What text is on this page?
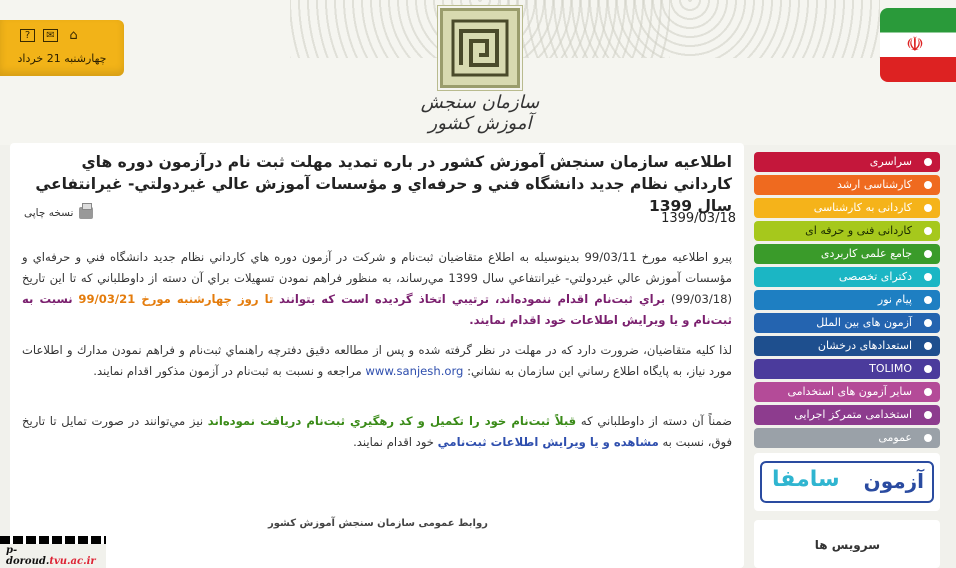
سازمان سنجش آموزش کشور
?	✉ ⌂
چهارشنبه 21 خرداد
☫
اطلاعيه سازمان سنجش آموزش کشور در باره تمديد مهلت ثبت نام درآزمون دوره هاي کارداني نظام جديد دانشگاه فني و حرفه‌اي و مؤسسات آموزش عالي غيردولتي- غيرانتفاعي سال 1399
نسخه چاپی	1399/03/18
پيرو اطلاعيه مورخ 99/03/11 بدينوسيله به اطلاع متقاضيان ثبت‌نام و شرکت در آزمون دوره هاي کارداني نظام جديد دانشگاه فني و حرفه‌اي و مؤسسات آموزش عالي غيردولتي- غيرانتفاعي سال 1399 مي‌رساند، به منظور فراهم نمودن تسهيلات براي آن دسته از داوطلباني که تا اين تاريخ (99/03/18) براي ثبت‌نام اقدام ننموده‌اند، ترتيبي اتخاذ گرديده است که بتوانند تا روز چهارشنبه مورخ 99/03/21 نسبت به ثبت‌نام و يا ويرايش اطلاعات خود اقدام نمايند.
لذا کليه متقاضيان، ضرورت دارد که در مهلت در نظر گرفته شده و پس از مطالعه دقيق دفترچه راهنماي ثبت‌نام و فراهم نمودن مدارك و اطلاعات مورد نياز، به پايگاه اطلاع رساني اين سازمان به نشاني: www.sanjesh.org مراجعه و نسبت به ثبت‌نام در آزمون مذکور اقدام نمايند.
ضمناً آن دسته از داوطلباني که قبلاً ثبت‌نام خود را تکميل و کد رهگيري ثبت‌نام دريافت نموده‌اند نيز مي‌توانند در صورت تمايل تا تاريخ فوق، نسبت به مشاهده و يا ويرايش اطلاعات ثبت‌نامي خود اقدام نمايند.
روابط عمومی سازمان سنجش آموزش کشور
سراسری
کارشناسی ارشد
کاردانی به کارشناسی
کاردانی فنی و حرفه ای
جامع علمی کاربردی
دکترای تخصصی
پیام نور
آزمون های بین الملل
استعدادهای درخشان
TOLIMO
سایر آزمون های استخدامی
استخدامی متمرکز اجرایی
عمومی
آزمون
سامفا
سرویس ها
p-doroud.tvu.ac.ir
